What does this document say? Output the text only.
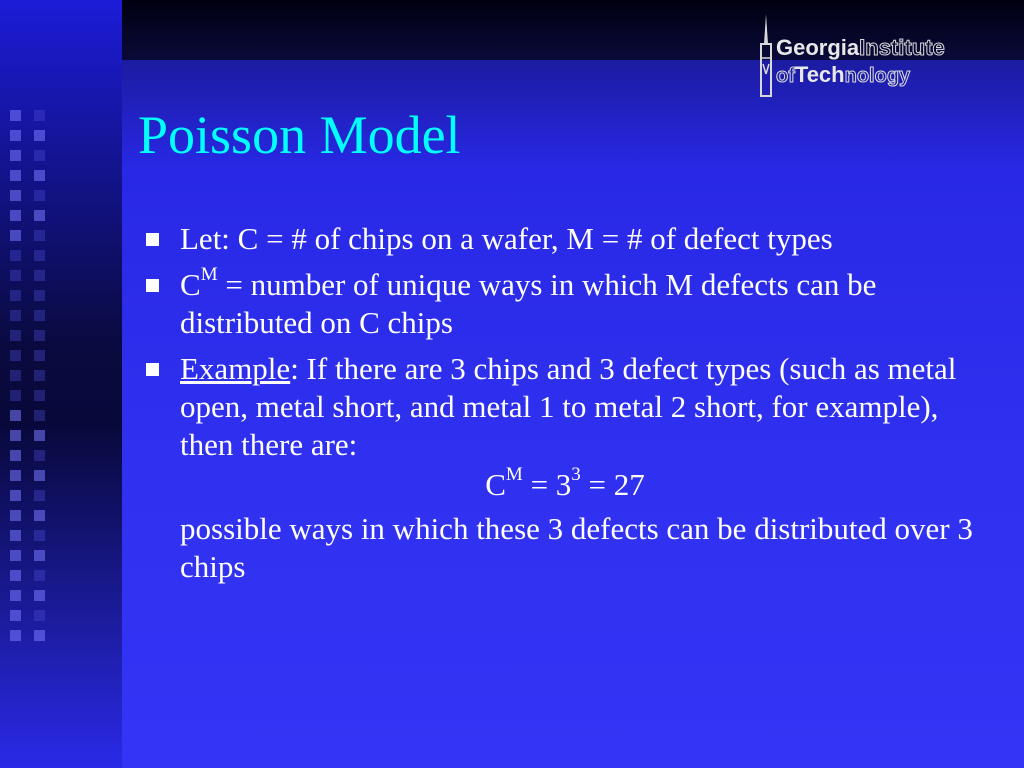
GeorgiaInstitute
ofTechnology
Poisson Model
Let: C = # of chips on a wafer, M = # of defect types
$C^M$ = number of unique ways in which M defects can be distributed on C chips
Example: If there are 3 chips and 3 defect types (such as metal open, metal short, and metal 1 to metal 2 short, for example), then there are:
$C^M = 3^3 = 27$
possible ways in which these 3 defects can be distributed over 3 chips
